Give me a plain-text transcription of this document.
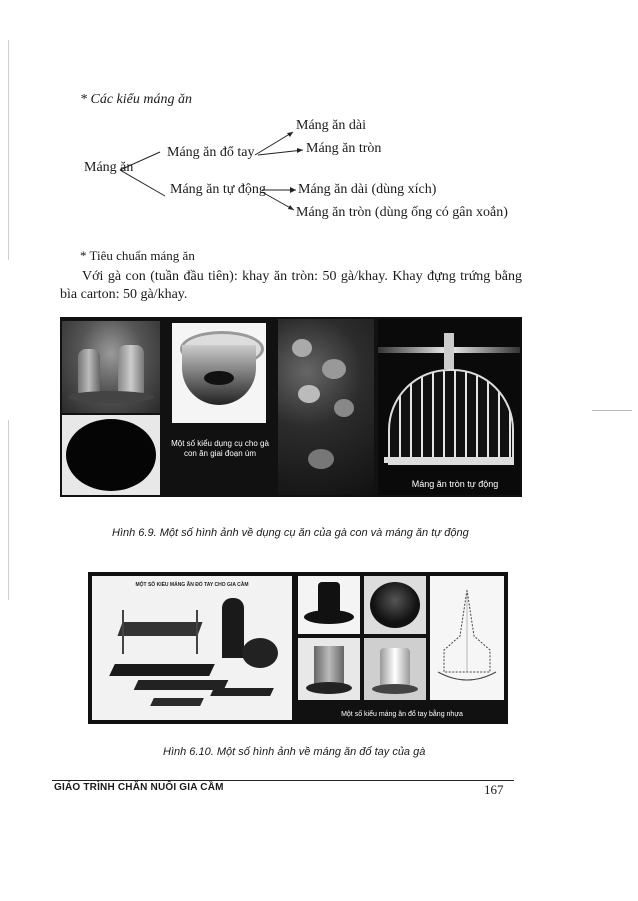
* Các kiểu máng ăn
Máng ăn
Máng ăn đổ tay
Máng ăn dài
Máng ăn tròn
Máng ăn tự động Máng ăn dài (dùng xích)
Máng ăn tròn (dùng ống có gân xoắn)
* Tiêu chuẩn máng ăn
Với gà con (tuần đầu tiên): khay ăn tròn: 50 gà/khay. Khay đựng trứng bằng bìa carton: 50 gà/khay.
Một số kiểu dụng cụ cho gà con ăn giai đoạn úm
Máng ăn tròn tự động
Hình 6.9. Một số hình ảnh về dụng cụ ăn của gà con và máng ăn tự động
MỘT SỐ KIỂU MÁNG ĂN ĐỔ TAY CHO GIA CẦM
Một số kiểu máng ăn đổ tay bằng nhựa
Hình 6.10. Một số hình ảnh về máng ăn đổ tay của gà
GIÁO TRÌNH CHĂN NUÔI GIA CẦM	167
